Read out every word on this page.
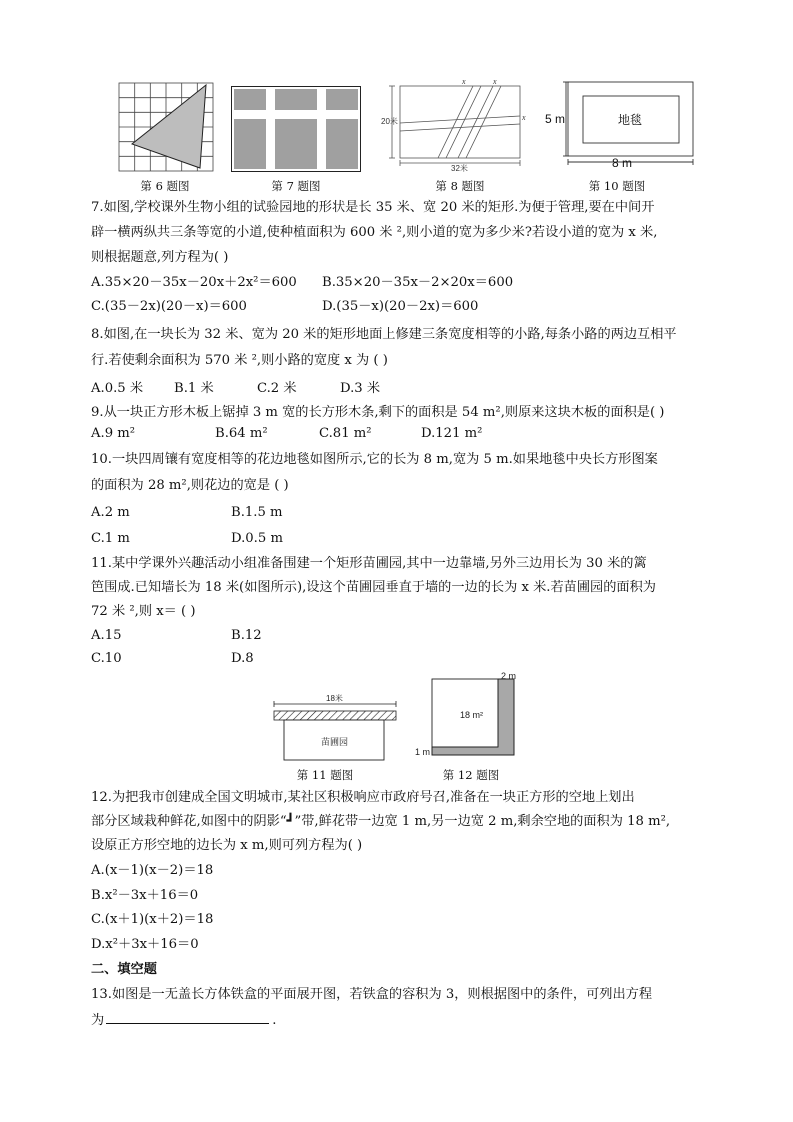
第 6 题图	第 7 题图
20米
32米
x	x
x
第 8 题图
5 m
8 m
地毯
第 10 题图
7.如图,学校课外生物小组的试验园地的形状是长 35 米、宽 20 米的矩形.为便于管理,要在中间开
辟一横两纵共三条等宽的小道,使种植面积为 600 米 ²,则小道的宽为多少米?若设小道的宽为 x 米,
则根据题意,列方程为( )
A.35×20－35x－20x＋2x²＝600 B.35×20－35x－2×20x＝600
C.(35－2x)(20－x)＝600	D.(35－x)(20－2x)＝600
8.如图,在一块长为 32 米、宽为 20 米的矩形地面上修建三条宽度相等的小路,每条小路的两边互相平
行.若使剩余面积为 570 米 ²,则小路的宽度 x 为 ( )
A.0.5 米 B.1 米	C.2 米	D.3 米
9.从一块正方形木板上锯掉 3 m 宽的长方形木条,剩下的面积是 54 m²,则原来这块木板的面积是( )
A.9 m²	B.64 m²	C.81 m²	D.121 m²
10.一块四周镶有宽度相等的花边地毯如图所示,它的长为 8 m,宽为 5 m.如果地毯中央长方形图案
的面积为 28 m²,则花边的宽是 ( )
A.2 m	B.1.5 m
C.1 m	D.0.5 m
11.某中学课外兴趣活动小组准备围建一个矩形苗圃园,其中一边靠墙,另外三边用长为 30 米的篱
笆围成.已知墙长为 18 米(如图所示),设这个苗圃园垂直于墙的一边的长为 x 米.若苗圃园的面积为
72 米 ²,则 x＝ ( )
A.15	B.12
C.10	D.8
18米
苗圃园
第 11 题图
2 m
1 m
18 m²
第 12 题图
12.为把我市创建成全国文明城市,某社区积极响应市政府号召,准备在一块正方形的空地上划出
部分区域栽种鲜花,如图中的阴影“┛”带,鲜花带一边宽 1 m,另一边宽 2 m,剩余空地的面积为 18 m²,
设原正方形空地的边长为 x m,则可列方程为( )
A.(x－1)(x－2)＝18
B.x²－3x＋16＝0
C.(x＋1)(x＋2)＝18
D.x²＋3x＋16＝0
二、填空题
13.如图是一无盖长方体铁盒的平面展开图，若铁盒的容积为 3，则根据图中的条件，可列出方程
为	.
